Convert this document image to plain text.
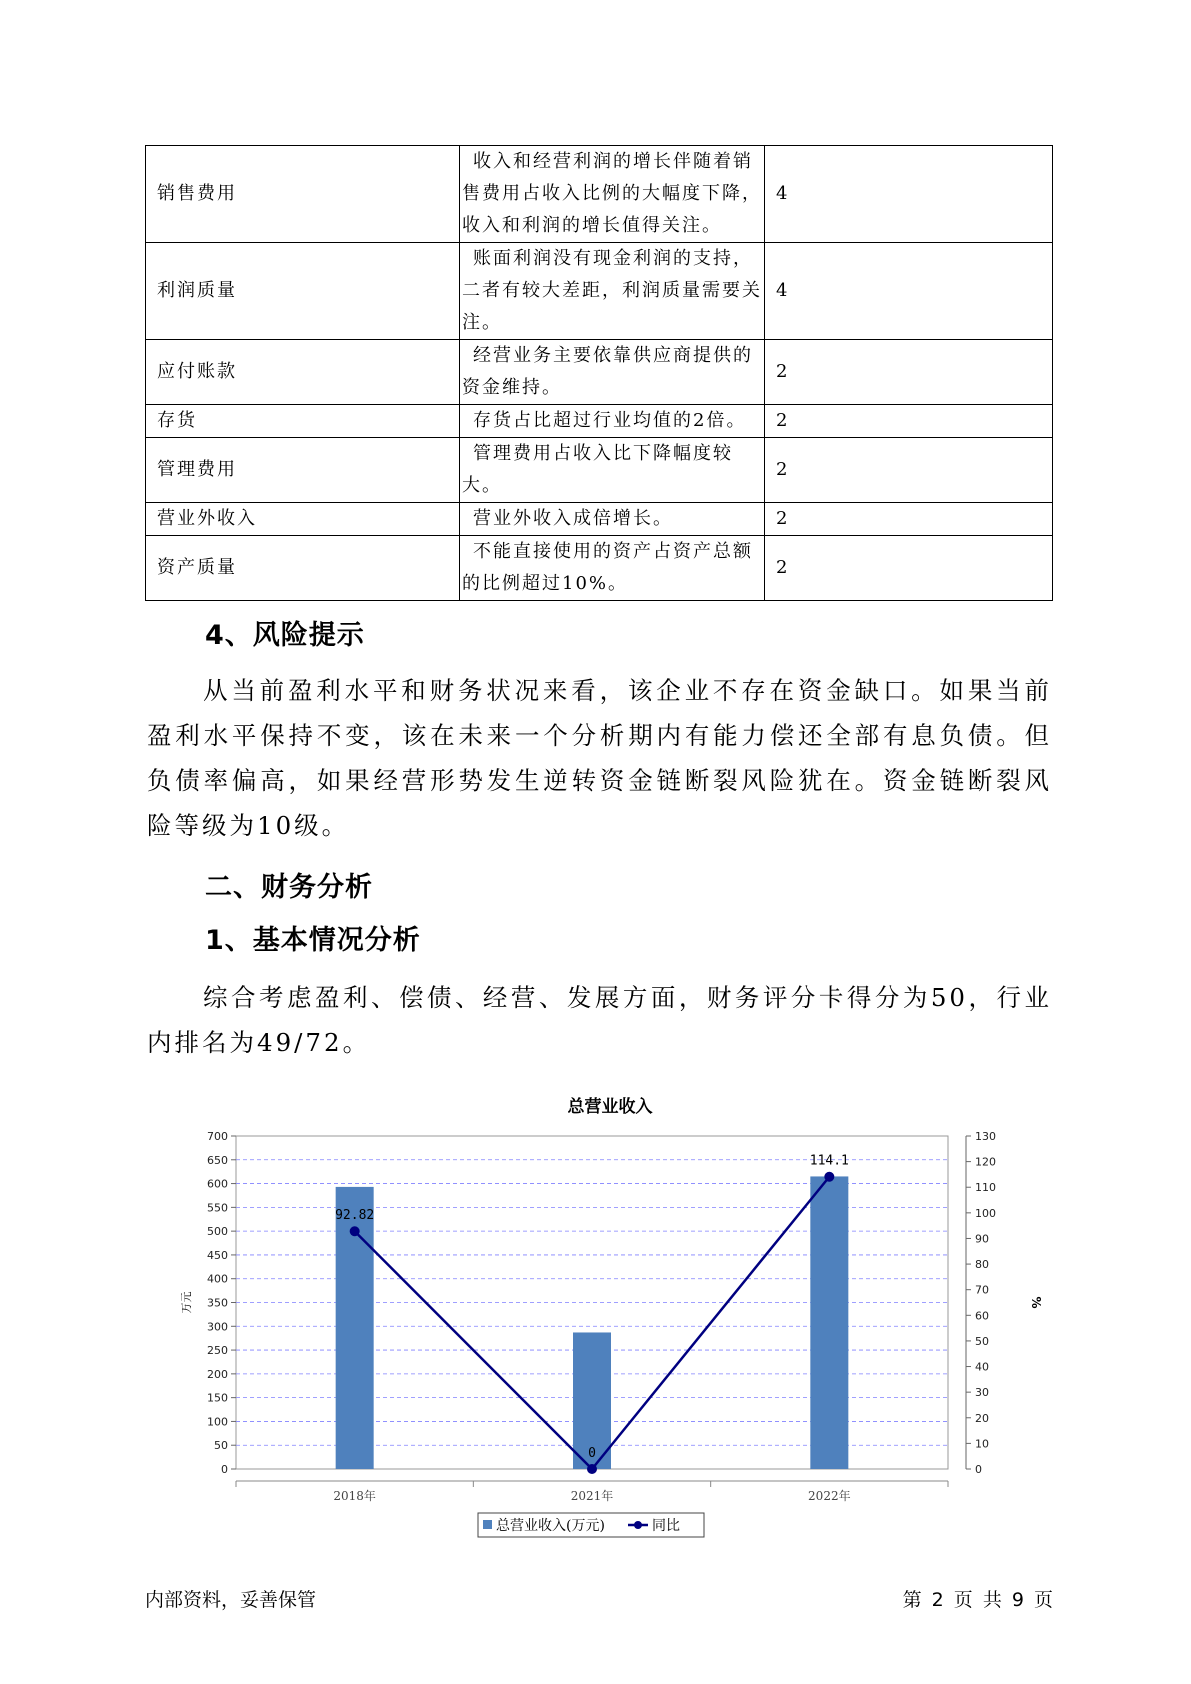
销售费用	收入和经营利润的增长伴随着销售费用占收入比例的大幅度下降，收入和利润的增长值得关注。	4
利润质量	账面利润没有现金利润的支持，二者有较大差距，利润质量需要关注。	4
应付账款	经营业务主要依靠供应商提供的资金维持。	2
存货	存货占比超过行业均值的2倍。	2
管理费用	管理费用占收入比下降幅度较大。	2
营业外收入	营业外收入成倍增长。	2
资产质量	不能直接使用的资产占资产总额的比例超过10%。	2
4、风险提示

从当前盈利水平和财务状况来看，该企业不存在资金缺口。如果当前盈利水平保持不变，该在未来一个分析期内有能力偿还全部有息负债。但负债率偏高，如果经营形势发生逆转资金链断裂风险犹在。资金链断裂风险等级为10级。

二、财务分析
1、基本情况分析

综合考虑盈利、偿债、经营、发展方面，财务评分卡得分为50，行业内排名为49/72。

总营业收入
0
50
100
150
200
250
300
350
400
450
500
550
600
650
700
0
10
20
30
40
50
60
70
80
90
100
110
120
130
万元	%
2018年	2021年	2022年
92.82
0
114.1
总营业收入(万元)	同比
内部资料，妥善保管	第 2 页 共 9 页
